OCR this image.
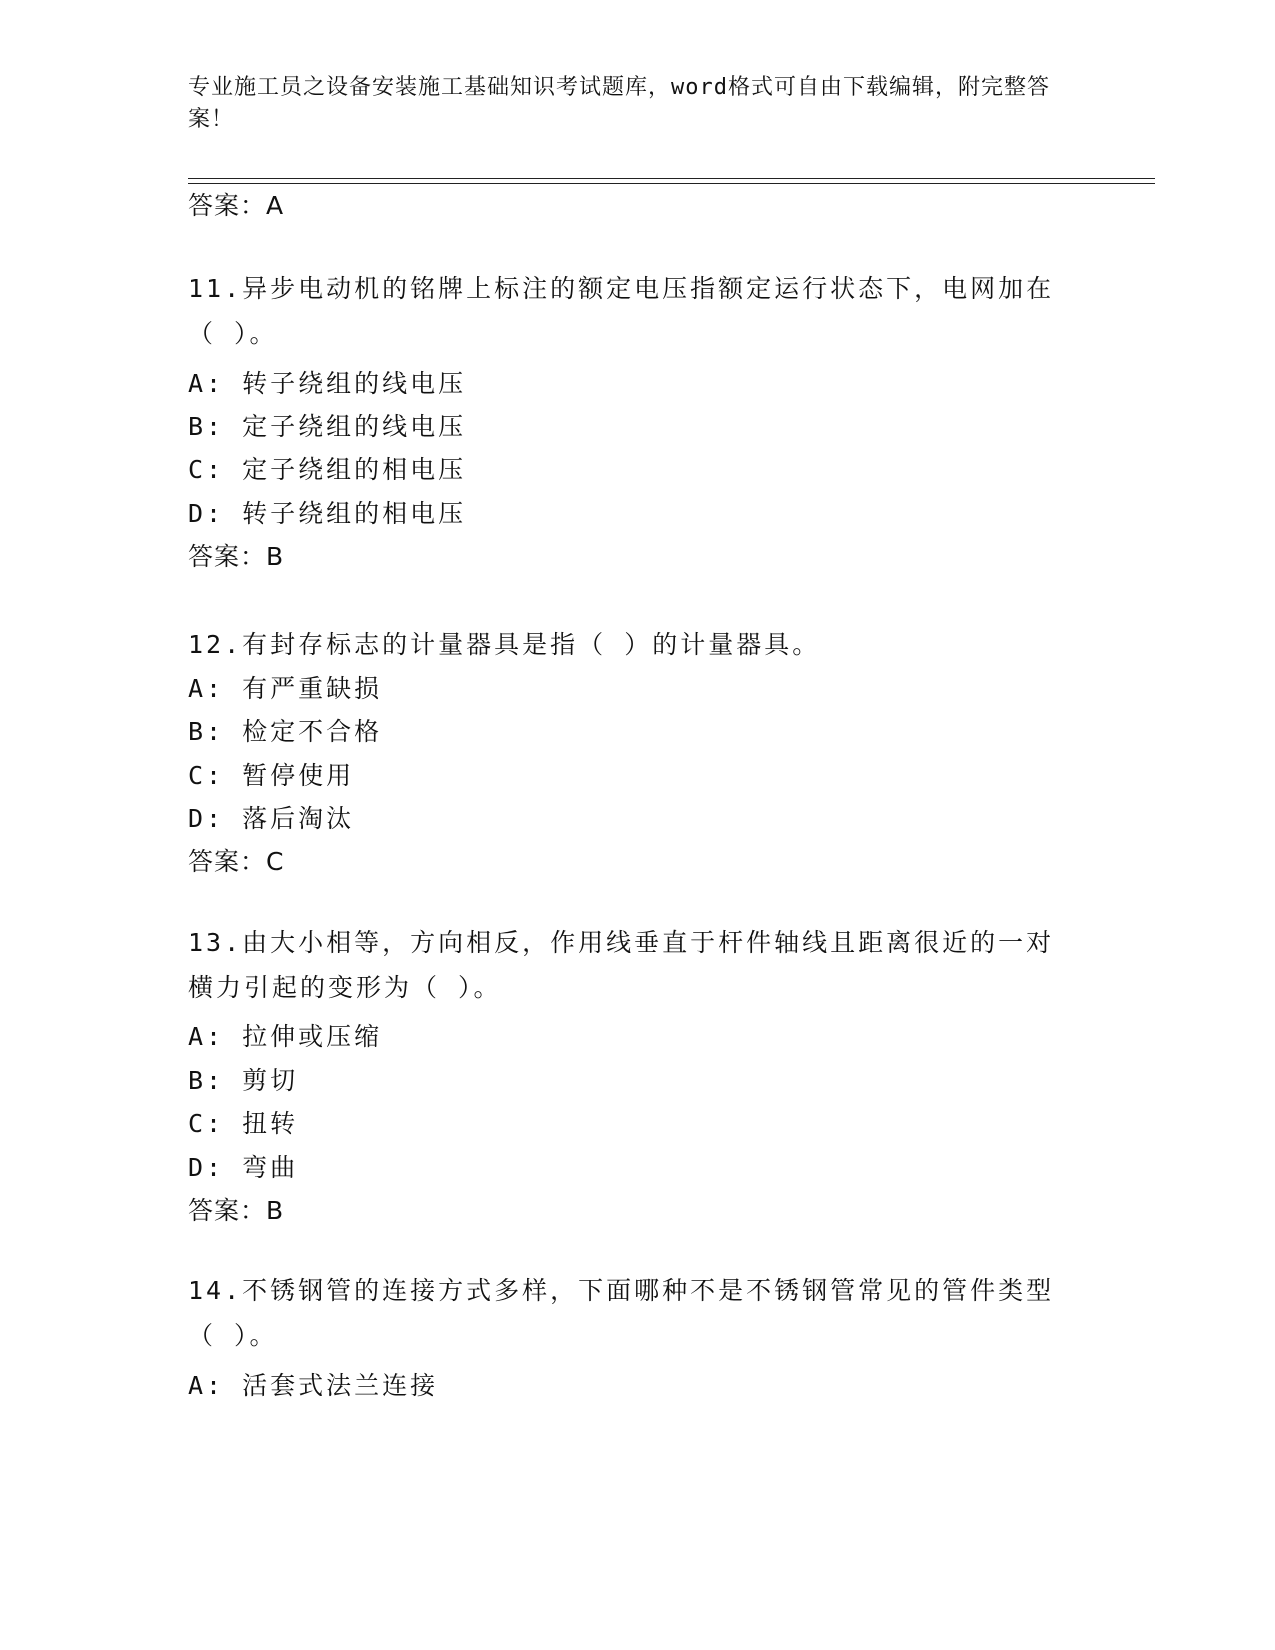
专业施工员之设备安装施工基础知识考试题库，word格式可自由下载编辑，附完整答案！
答案：A
11.异步电动机的铭牌上标注的额定电压指额定运行状态下，电网加在（ ）。
A: 转子绕组的线电压
B: 定子绕组的线电压
C: 定子绕组的相电压
D: 转子绕组的相电压
答案：B
12.有封存标志的计量器具是指（ ）的计量器具。
A: 有严重缺损
B: 检定不合格
C: 暂停使用
D: 落后淘汰
答案：C
13.由大小相等，方向相反，作用线垂直于杆件轴线且距离很近的一对横力引起的变形为（ ）。
A: 拉伸或压缩
B: 剪切
C: 扭转
D: 弯曲
答案：B
14.不锈钢管的连接方式多样，下面哪种不是不锈钢管常见的管件类型（ ）。
A: 活套式法兰连接
